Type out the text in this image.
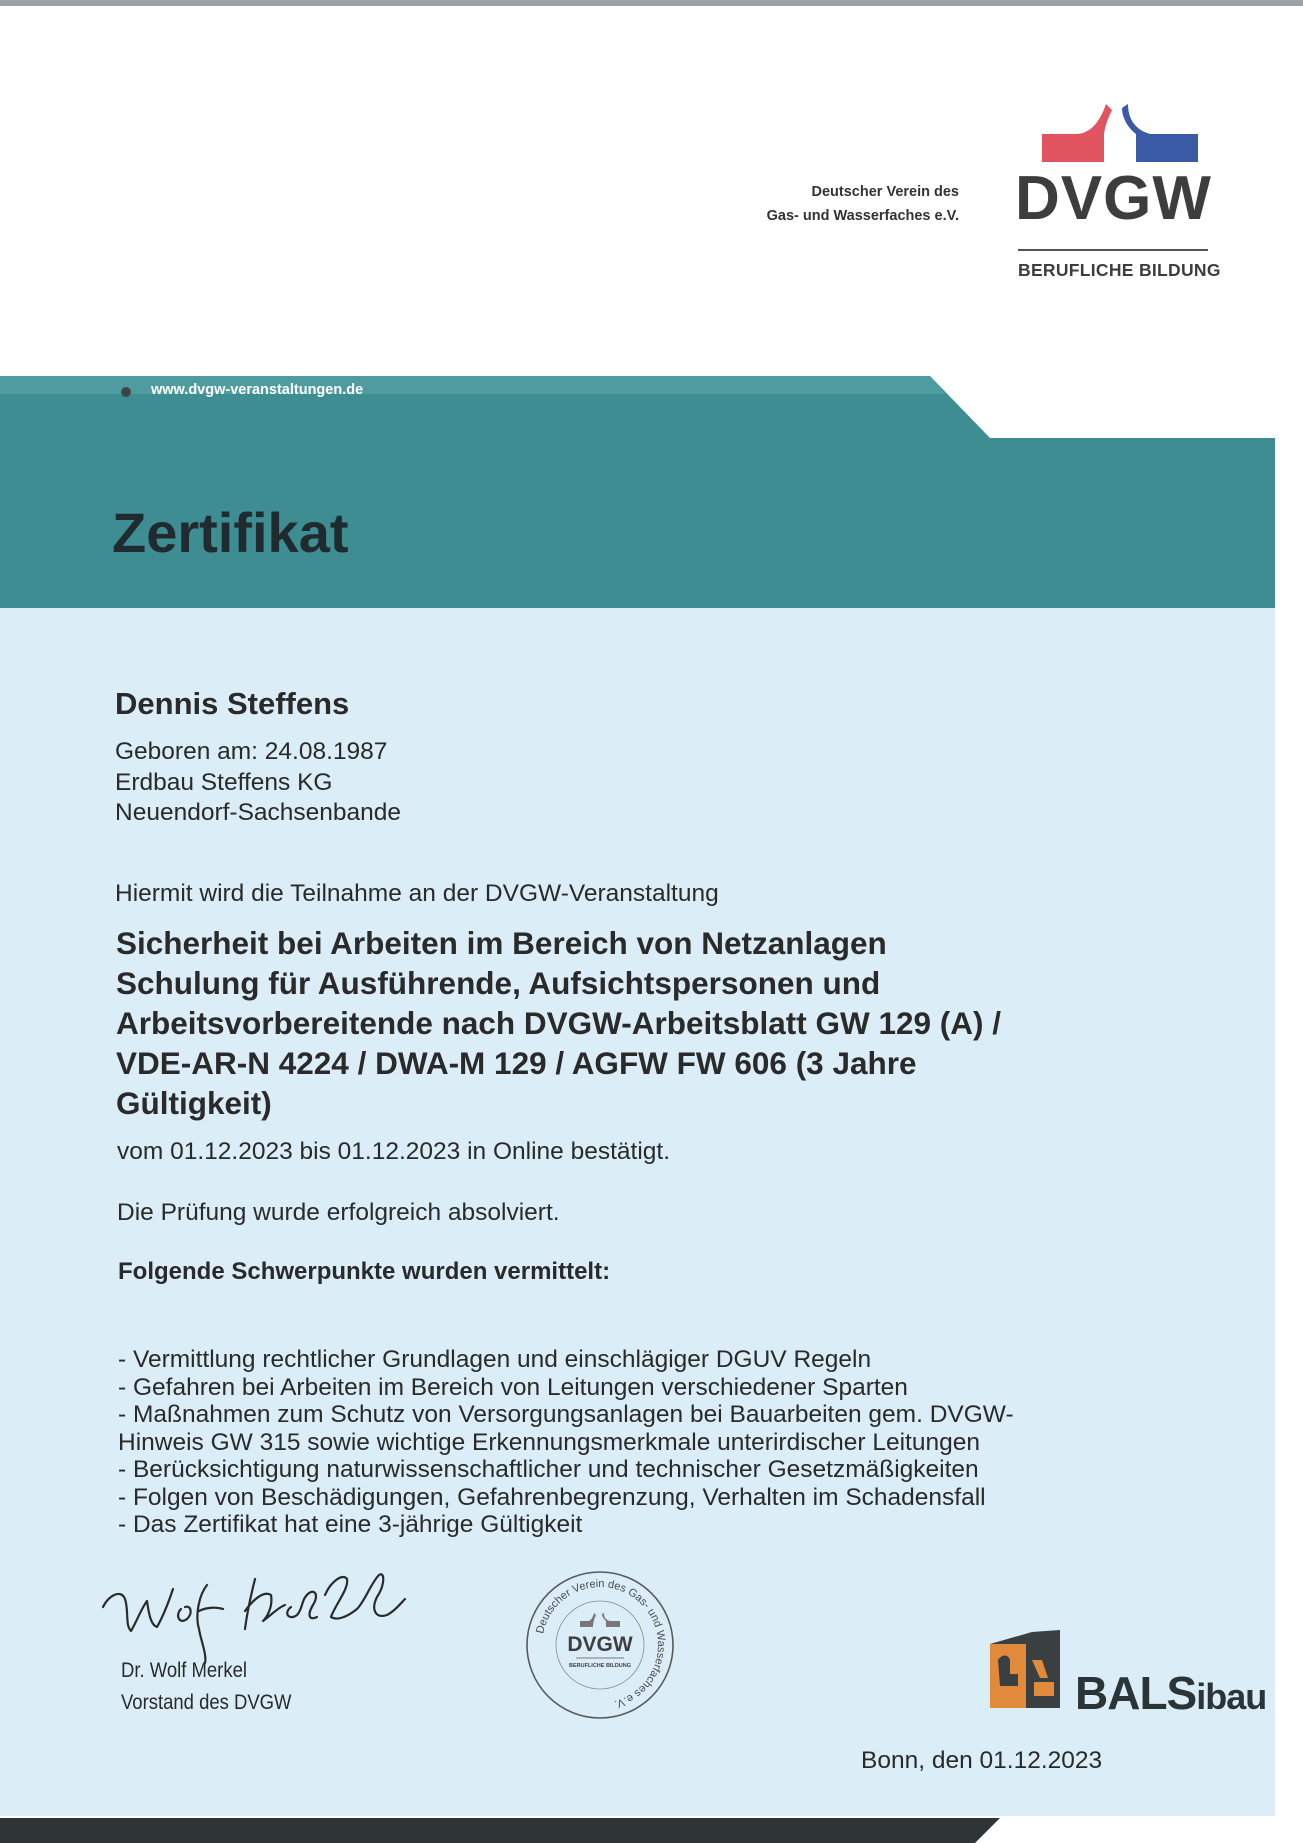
Deutscher Verein des
Gas- und Wasserfaches e.V. DVGW
BERUFLICHE BILDUNG
www.dvgw-veranstaltungen.de
Zertifikat
Dennis Steffens
Geboren am: 24.08.1987
Erdbau Steffens KG
Neuendorf-Sachsenbande
Hiermit wird die Teilnahme an der DVGW-Veranstaltung
Sicherheit bei Arbeiten im Bereich von Netzanlagen
Schulung für Ausführende, Aufsichtspersonen und
Arbeitsvorbereitende nach DVGW-Arbeitsblatt GW 129 (A) /
VDE-AR-N 4224 / DWA-M 129 / AGFW FW 606 (3 Jahre
Gültigkeit)
vom 01.12.2023 bis 01.12.2023 in Online bestätigt.
Die Prüfung wurde erfolgreich absolviert.
Folgende Schwerpunkte wurden vermittelt:
- Vermittlung rechtlicher Grundlagen und einschlägiger DGUV Regeln
- Gefahren bei Arbeiten im Bereich von Leitungen verschiedener Sparten
- Maßnahmen zum Schutz von Versorgungsanlagen bei Bauarbeiten gem. DVGW-
Hinweis GW 315 sowie wichtige Erkennungsmerkmale unterirdischer Leitungen
- Berücksichtigung naturwissenschaftlicher und technischer Gesetzmäßigkeiten
- Folgen von Beschädigungen, Gefahrenbegrenzung, Verhalten im Schadensfall
- Das Zertifikat hat eine 3-jährige Gültigkeit
Dr. Wolf Merkel
Vorstand des DVGW
Deutscher Verein des Gas- und Wasserfaches e.V.
DVGW
BERUFLICHE BILDUNG
BALSibau
Bonn, den 01.12.2023
